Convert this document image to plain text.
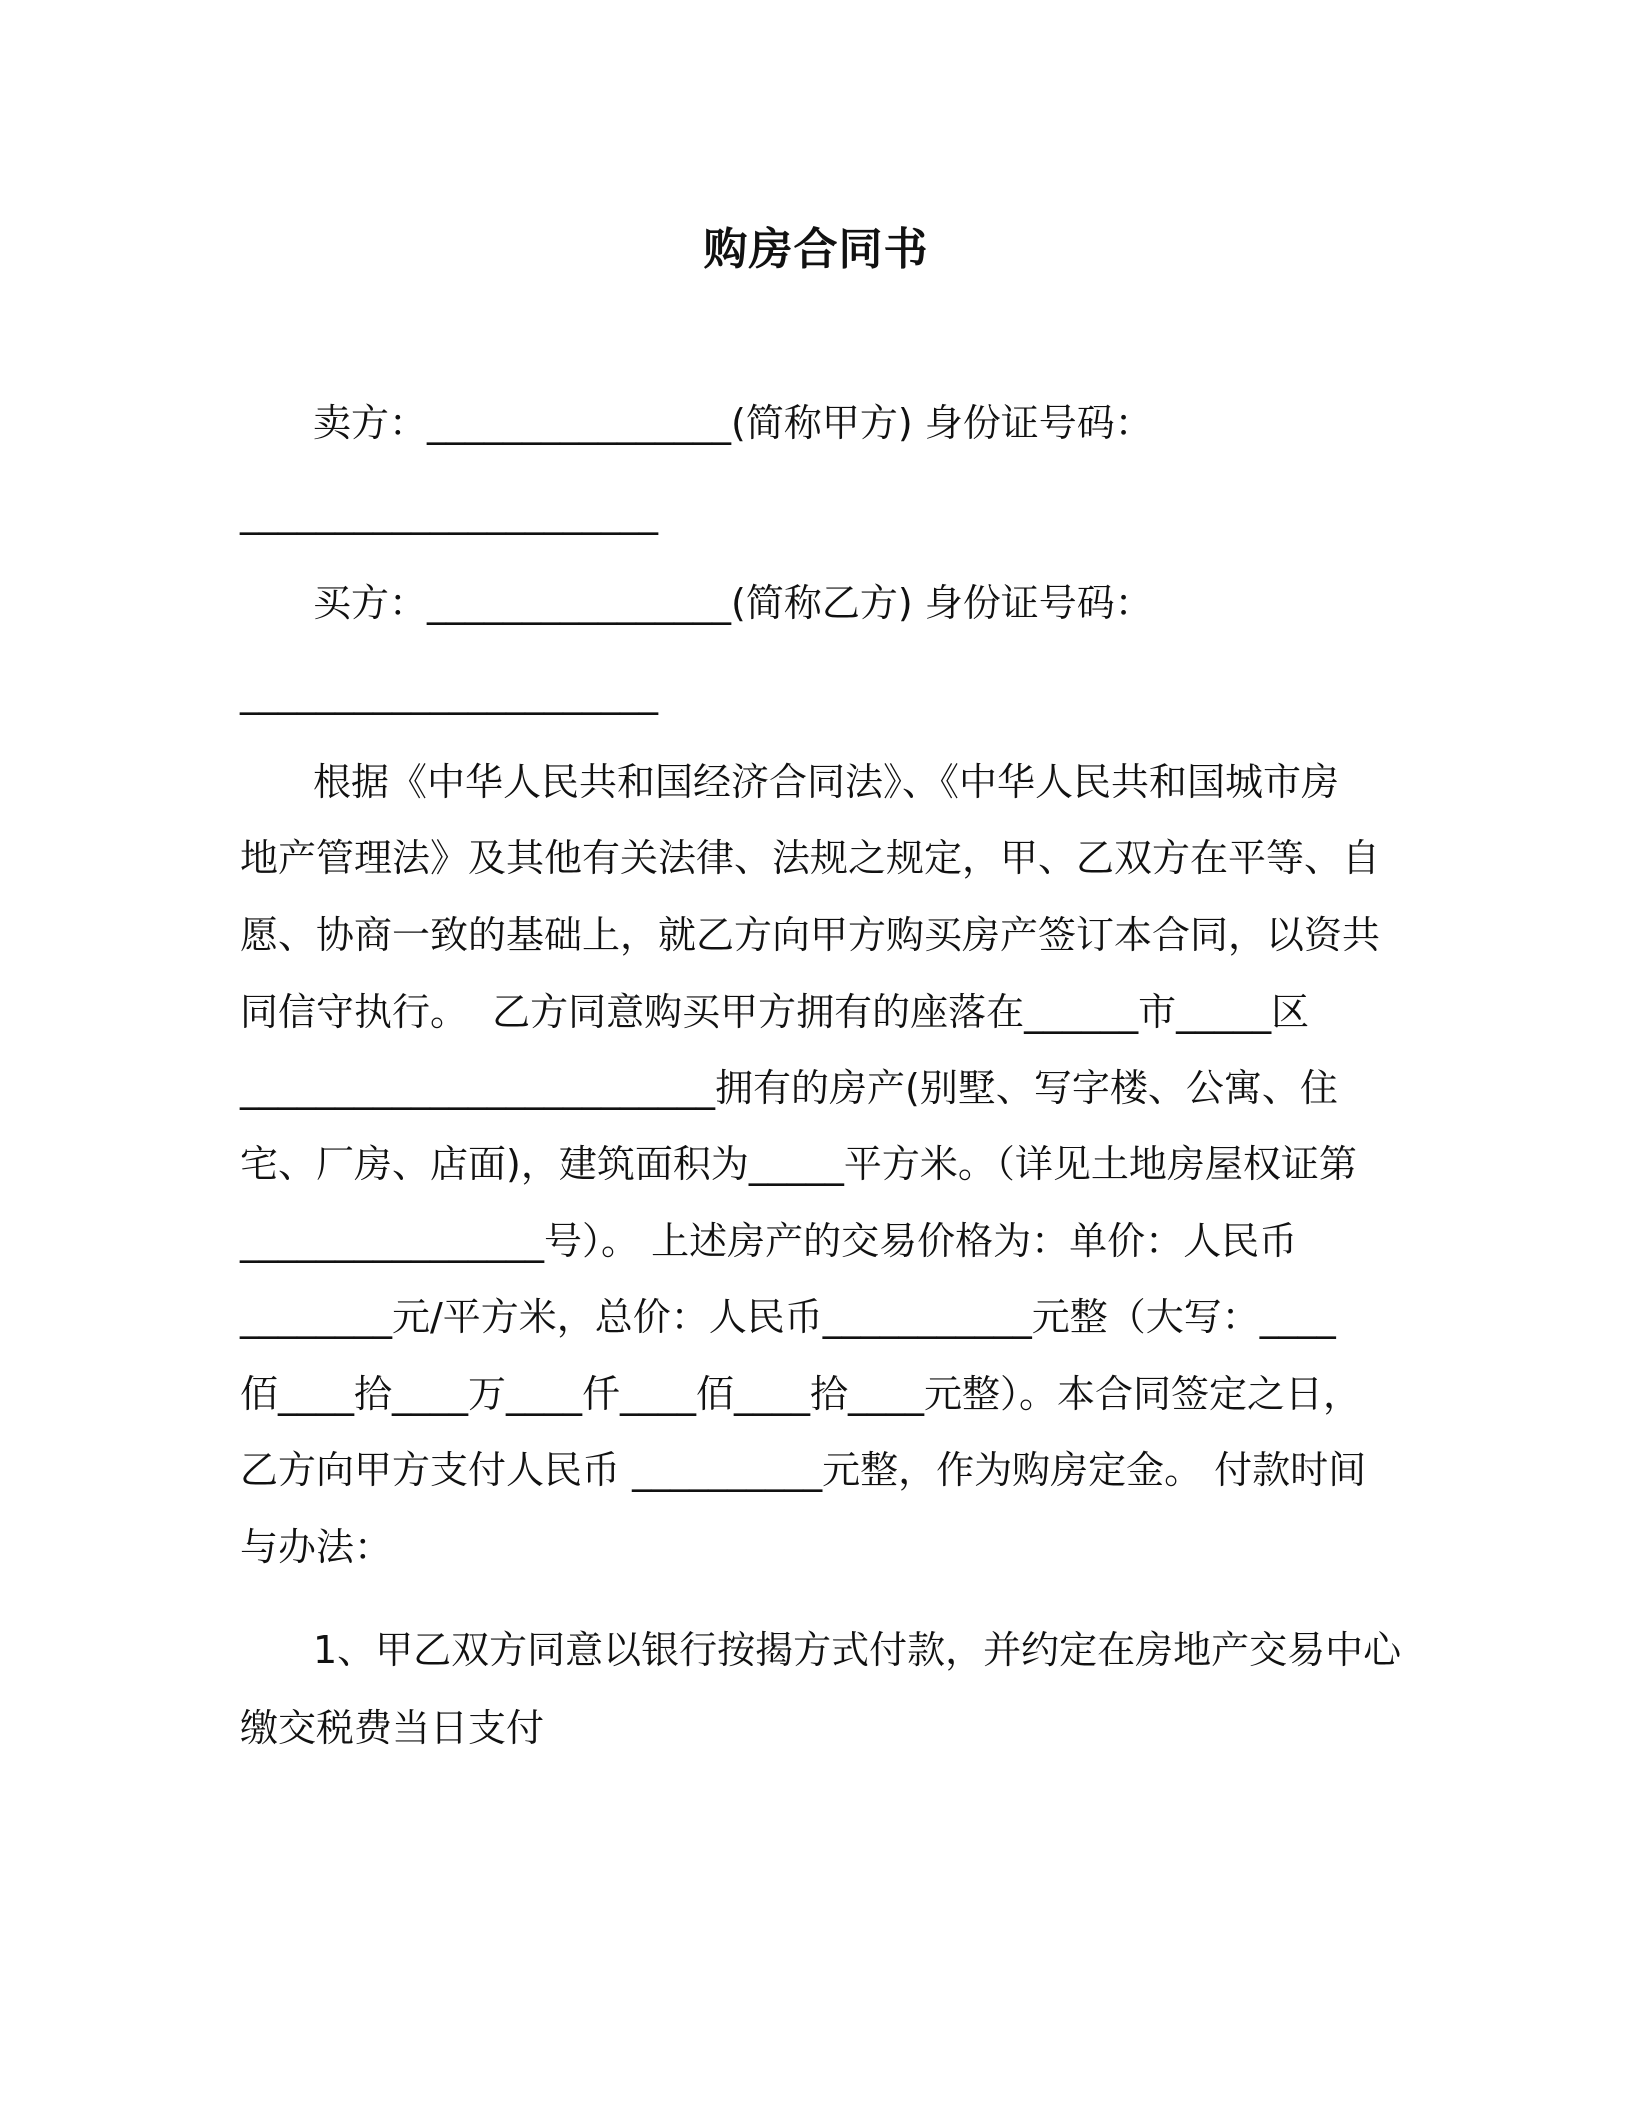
购房合同书
卖方：________________(简称甲方) 身份证号码：
______________________
买方：________________(简称乙方) 身份证号码：
______________________
根据《中华人民共和国经济合同法》、《中华人民共和国城市房
地产管理法》及其他有关法律、法规之规定，甲、乙双方在平等、自
愿、协商一致的基础上，就乙方向甲方购买房产签订本合同，以资共
同信守执行。  乙方同意购买甲方拥有的座落在______市_____区
_________________________拥有的房产(别墅、写字楼、公寓、住
宅、厂房、店面)，建筑面积为_____平方米。（详见土地房屋权证第
________________号）。 上述房产的交易价格为：单价：人民币
________元/平方米，总价：人民币___________元整（大写：____
佰____拾____万____仟____佰____拾____元整）。本合同签定之日，
乙方向甲方支付人民币 __________元整，作为购房定金。 付款时间
与办法：
1、甲乙双方同意以银行按揭方式付款，并约定在房地产交易中心
缴交税费当日支付
